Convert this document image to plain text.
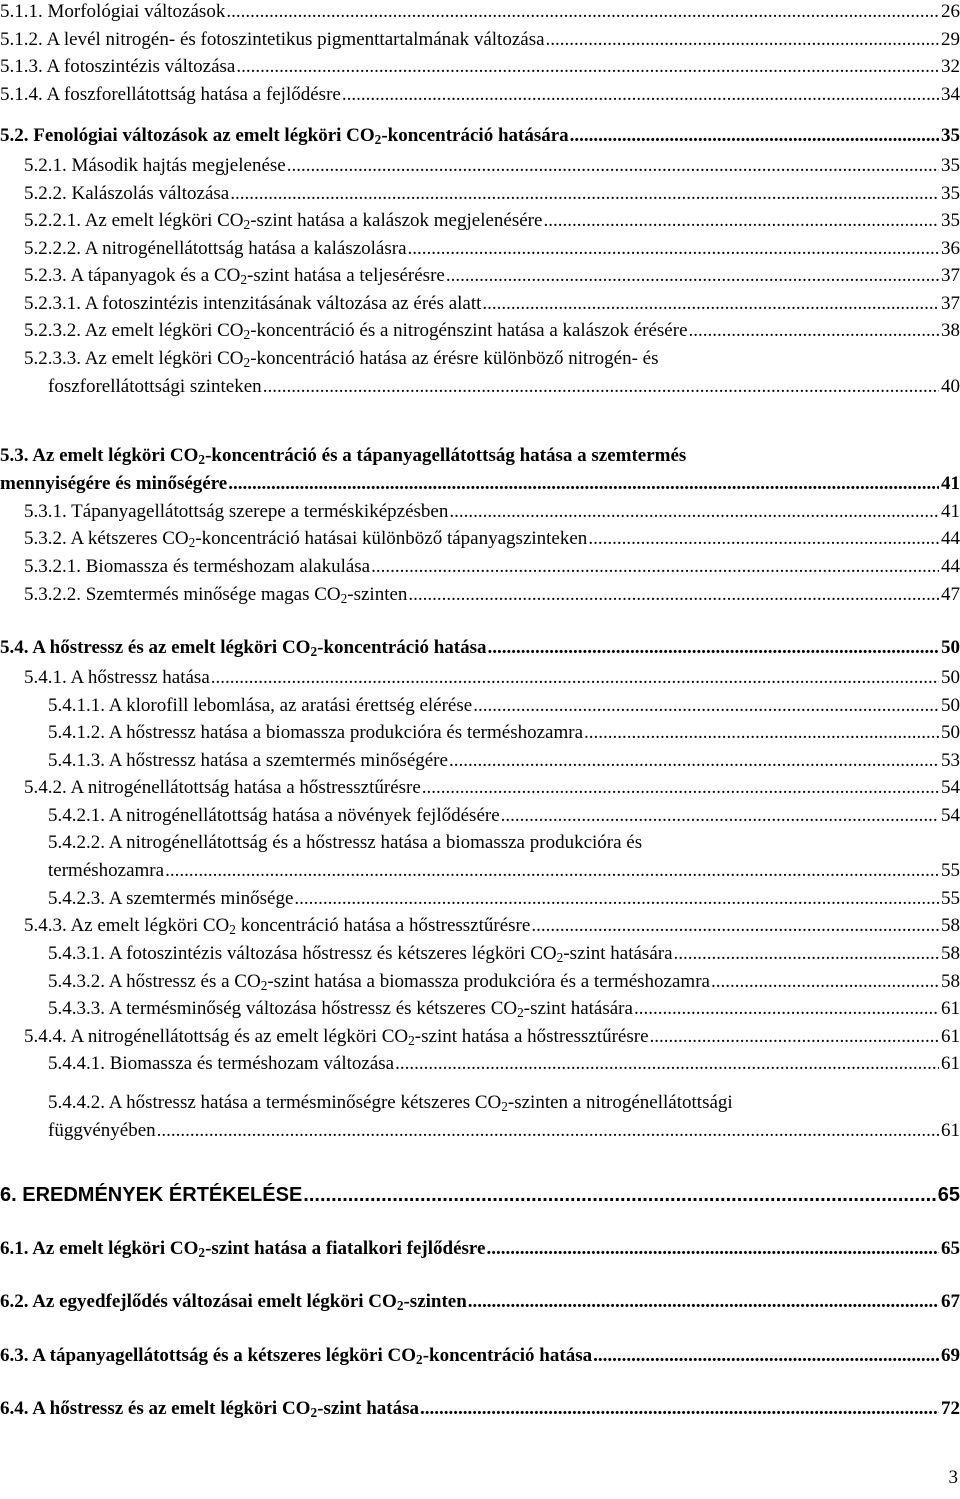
5.1.1. Morfológiai változások .....	26
5.1.2. A levél nitrogén- és fotoszintetikus pigmenttartalmának változása .....	29
5.1.3. A fotoszintézis változása .....	32
5.1.4. A foszforellátottság hatása a fejlődésre .....	34
5.2. Fenológiai változások az emelt légköri $CO_2$-koncentráció hatására .....	35
5.2.1. Második hajtás megjelenése .....	35
5.2.2. Kalászolás változása .....	35
5.2.2.1. Az emelt légköri $CO_2$-szint hatása a kalászok megjelenésére .....	35
5.2.2.2. A nitrogénellátottság hatása a kalászolásra .....	36
5.2.3. A tápanyagok és a $CO_2$-szint hatása a teljesérésre .....	37
5.2.3.1. A fotoszintézis intenzitásának változása az érés alatt .....	37
5.2.3.2. Az emelt légköri $CO_2$-koncentráció és a nitrogénszint hatása a kalászok érésére .....	38
5.2.3.3. Az emelt légköri $CO_2$-koncentráció hatása az érésre különböző nitrogén- és
foszforellátottsági szinteken .....	40
5.3. Az emelt légköri $CO_2$-koncentráció és a tápanyagellátottság hatása a szemtermés
mennyiségére és minőségére .....	41
5.3.1. Tápanyagellátottság szerepe a terméskiképzésben .....	41
5.3.2. A kétszeres $CO_2$-koncentráció hatásai különböző tápanyagszinteken .....	44
5.3.2.1. Biomassza és terméshozam alakulása .....	44
5.3.2.2. Szemtermés minősége magas $CO_2$-szinten .....	47
5.4. A hőstressz és az emelt légköri $CO_2$-koncentráció hatása .....	50
5.4.1. A hőstressz hatása .....	50
5.4.1.1. A klorofill lebomlása, az aratási érettség elérése .....	50
5.4.1.2. A hőstressz hatása a biomassza produkcióra és terméshozamra .....	50
5.4.1.3. A hőstressz hatása a szemtermés minőségére .....	53
5.4.2. A nitrogénellátottság hatása a hőstressztűrésre .....	54
5.4.2.1. A nitrogénellátottság hatása a növények fejlődésére .....	54
5.4.2.2. A nitrogénellátottság és a hőstressz hatása a biomassza produkcióra és
terméshozamra .....	55
5.4.2.3. A szemtermés minősége .....	55
5.4.3. Az emelt légköri $CO_2$ koncentráció hatása a hőstressztűrésre .....	58
5.4.3.1. A fotoszintézis változása hőstressz és kétszeres légköri $CO_2$-szint hatására .....	58
5.4.3.2. A hőstressz és a $CO_2$-szint hatása a biomassza produkcióra és a terméshozamra .....	58
5.4.3.3. A termésminőség változása hőstressz és kétszeres $CO_2$-szint hatására .....	61
5.4.4. A nitrogénellátottság és az emelt légköri $CO_2$-szint hatása a hőstressztűrésre .....	61
5.4.4.1. Biomassza és terméshozam változása .....	61
5.4.4.2. A hőstressz hatása a termésminőségre kétszeres $CO_2$-szinten a nitrogénellátottsági
függvényében .....	61
6. EREDMÉNYEK ÉRTÉKELÉSE .....	65
6.1. Az emelt légköri $CO_2$-szint hatása a fiatalkori fejlődésre .....	65
6.2. Az egyedfejlődés változásai emelt légköri $CO_2$-szinten .....	67
6.3. A tápanyagellátottság és a kétszeres légköri $CO_2$-koncentráció hatása .....	69
6.4. A hőstressz és az emelt légköri $CO_2$-szint hatása .....	72
3
